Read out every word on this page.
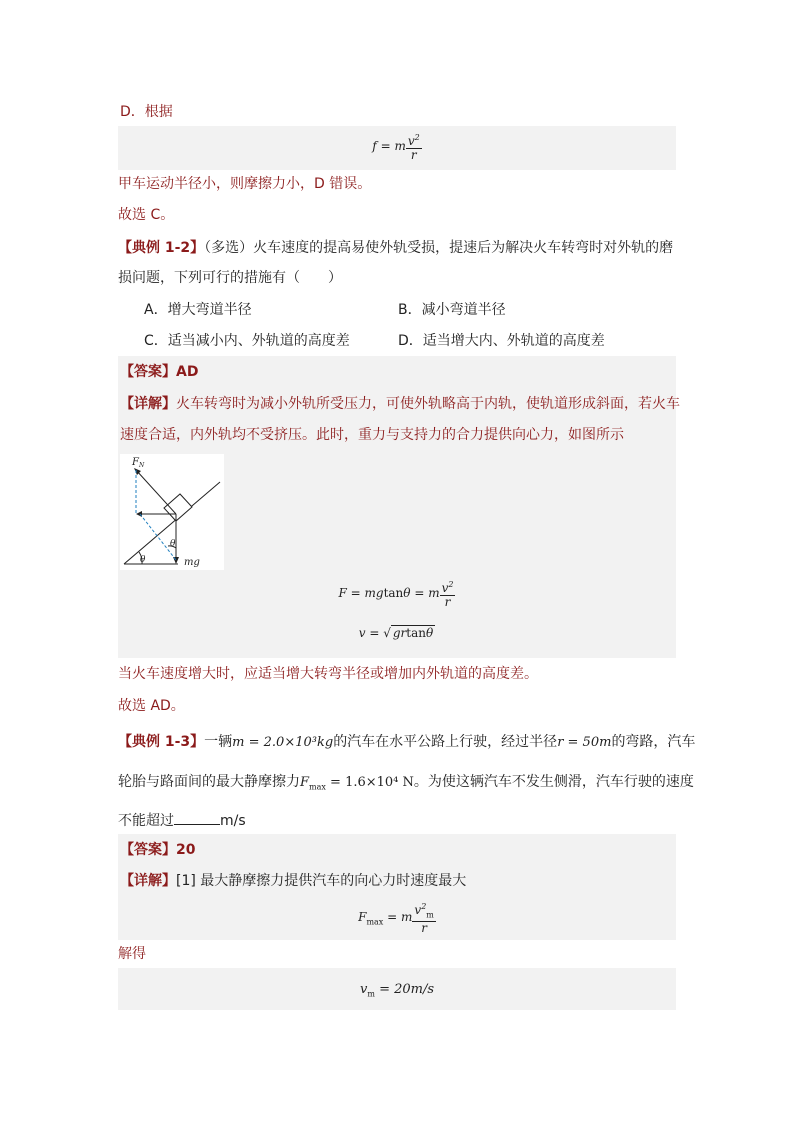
D．根据
f = m $\frac{v^2}{r}$
甲车运动半径小，则摩擦力小，D 错误。
故选 C。
【典例 1-2】（多选）火车速度的提高易使外轨受损，提速后为解决火车转弯时对外轨的磨
损问题，下列可行的措施有（　　）
A．增大弯道半径	B．减小弯道半径
C．适当减小内、外轨道的高度差	D．适当增大内、外轨道的高度差
【答案】AD
【详解】火车转弯时为减小外轨所受压力，可使外轨略高于内轨，使轨道形成斜面，若火车
速度合适，内外轨均不受挤压。此时，重力与支持力的合力提供向心力，如图所示
$F_N$
θ
θ
mg
F = mgtanθ = m $\frac{v^2}{r}$
v = √ grtanθ
当火车速度增大时，应适当增大转弯半径或增加内外轨道的高度差。
故选 AD。
【典例 1-3】一辆m = 2.0×10³kg的汽车在水平公路上行驶，经过半径r = 50m的弯路，汽车
轮胎与路面间的最大静摩擦力$F_{max} = 1.6\times 10^4$ N。为使这辆汽车不发生侧滑，汽车行驶的速度
不能超过	m/s
【答案】20
【详解】[1] 最大静摩擦力提供汽车的向心力时速度最大
$F_{max} = m \frac{v^2_m}{r}$
解得
$v_m = 20m/s$
